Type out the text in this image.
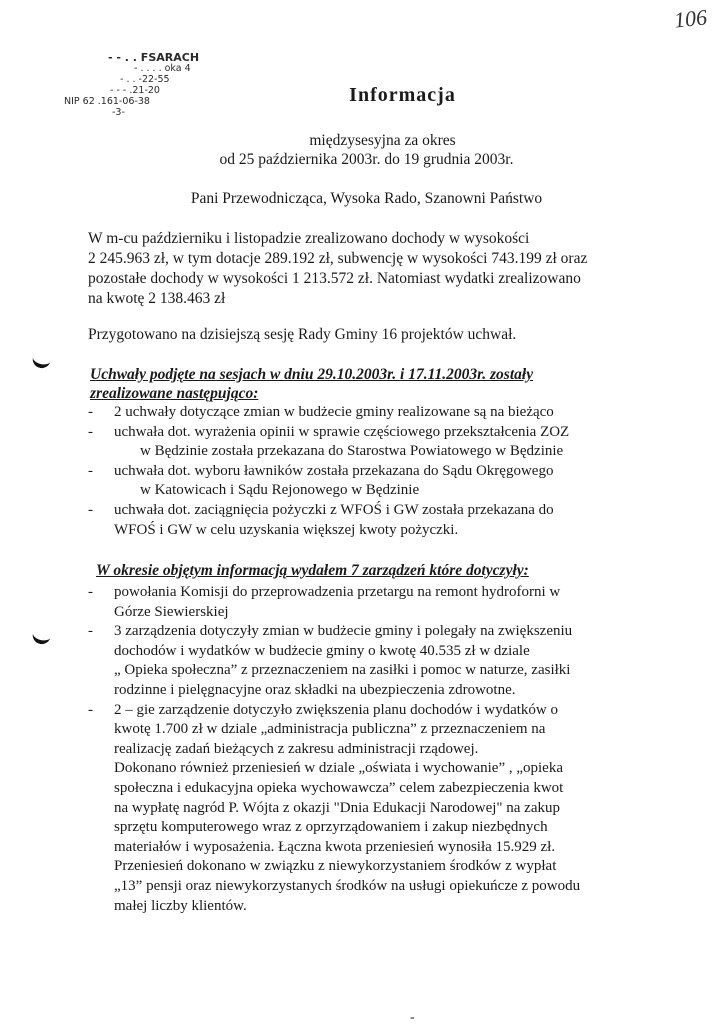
106
- - . . FSARACH
- . . . . oka 4
- . . -22-55
- - - .21-20
NIP 62 .161-06-38
-3-
Informacja
międzysesyjna za okres
od 25 października 2003r. do 19 grudnia 2003r.
Pani Przewodnicząca, Wysoka Rado, Szanowni Państwo
W m-cu październiku i listopadzie zrealizowano dochody w wysokości
2 245.963 zł, w tym dotacje 289.192 zł, subwencję w wysokości 743.199 zł oraz
pozostałe dochody w wysokości 1 213.572 zł. Natomiast wydatki zrealizowano
na kwotę 2 138.463 zł
Przygotowano na dzisiejszą sesję Rady Gminy 16 projektów uchwał.
Uchwały podjęte na sesjach w dniu 29.10.2003r. i 17.11.2003r. zostały
zrealizowane następująco:
- 2 uchwały dotyczące zmian w budżecie gminy realizowane są na bieżąco
- uchwała dot. wyrażenia opinii w sprawie częściowego przekształcenia ZOZ
w Będzinie została przekazana do Starostwa Powiatowego w Będzinie
- uchwała dot. wyboru ławników została przekazana do Sądu Okręgowego
w Katowicach i Sądu Rejonowego w Będzinie
- uchwała dot. zaciągnięcia pożyczki z WFOŚ i GW została przekazana do
WFOŚ i GW w celu uzyskania większej kwoty pożyczki.
W okresie objętym informacją wydałem 7 zarządzeń które dotyczyły:
- powołania Komisji do przeprowadzenia przetargu na remont hydroforni w
Górze Siewierskiej
- 3 zarządzenia dotyczyły zmian w budżecie gminy i polegały na zwiększeniu
dochodów i wydatków w budżecie gminy o kwotę 40.535 zł w dziale
„ Opieka społeczna” z przeznaczeniem na zasiłki i pomoc w naturze, zasiłki
rodzinne i pielęgnacyjne oraz składki na ubezpieczenia zdrowotne.
- 2 – gie zarządzenie dotyczyło zwiększenia planu dochodów i wydatków o
kwotę 1.700 zł w dziale „administracja publiczna” z przeznaczeniem na
realizację zadań bieżących z zakresu administracji rządowej.
Dokonano również przeniesień w dziale „oświata i wychowanie” , „opieka
społeczna i edukacyjna opieka wychowawcza” celem zabezpieczenia kwot
na wypłatę nagród P. Wójta z okazji "Dnia Edukacji Narodowej" na zakup
sprzętu komputerowego wraz z oprzyrządowaniem i zakup niezbędnych
materiałów i wyposażenia. Łączna kwota przeniesień wynosiła 15.929 zł.
Przeniesień dokonano w związku z niewykorzystaniem środków z wypłat
„13” pensji oraz niewykorzystanych środków na usługi opiekuńcze z powodu
małej liczby klientów.
-
